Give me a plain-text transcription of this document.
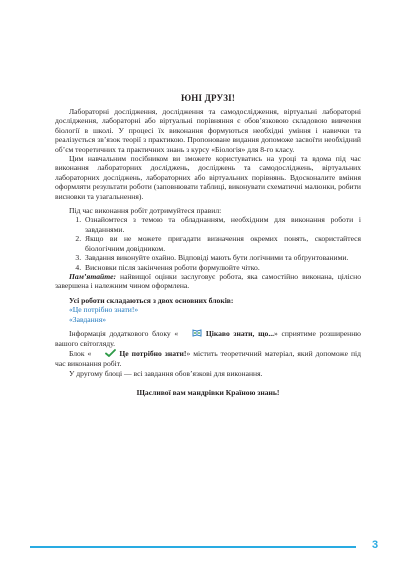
ЮНІ ДРУЗІ!

Лабораторні дослідження, дослідження та самодослідження, віртуальні лабораторні дослідження, лабораторні або віртуальні порівняння є обов’язковою складовою вивчення біології в школі. У процесі їх виконання формуються необхідні уміння і навички та реалізується зв’язок теорії з практикою. Пропоноване видання допоможе засвоїти необхідний об’єм теоретичних та практичних знань з курсу «Біологія» для 8-го класу.

Цим навчальним посібником ви зможете користуватись на уроці та вдома під час виконання лабораторних досліджень, досліджень та самодосліджень, віртуальних лабораторних досліджень, лабораторних або віртуальних порівнянь. Вдосконалите вміння оформляти результати роботи (заповнювати таблиці, виконувати схематичні малюнки, робити висновки та узагальнення).

Під час виконання робіт дотримуйтеся правил:

1. Ознайомтеся з темою та обладнанням, необхідним для виконання роботи і завданнями.
2. Якщо ви не можете пригадати визначення окремих понять, скористайтеся біологічним довідником.
3. Завдання виконуйте охайно. Відповіді мають бути логічними та обґрунтованими.
4. Висновки після закінчення роботи формулюйте чітко.

Пам’ятайте: найвищої оцінки заслуговує робота, яка самостійно виконана, цілісно завершена і належним чином оформлена.

Усі роботи складаються з двох основних блоків:

«Це потрібно знати!»
«Завдання»

Інформація додаткового блоку «	Цікаво знати, що...» сприятиме розширенню вашого світогляду.

Блок «	Це потрібно знати!» містить теоретичний матеріал, який допоможе під час виконання робіт.

У другому блоці — всі завдання обов’язкові для виконання.

Щасливої вам мандрівки Країною знань!
3
